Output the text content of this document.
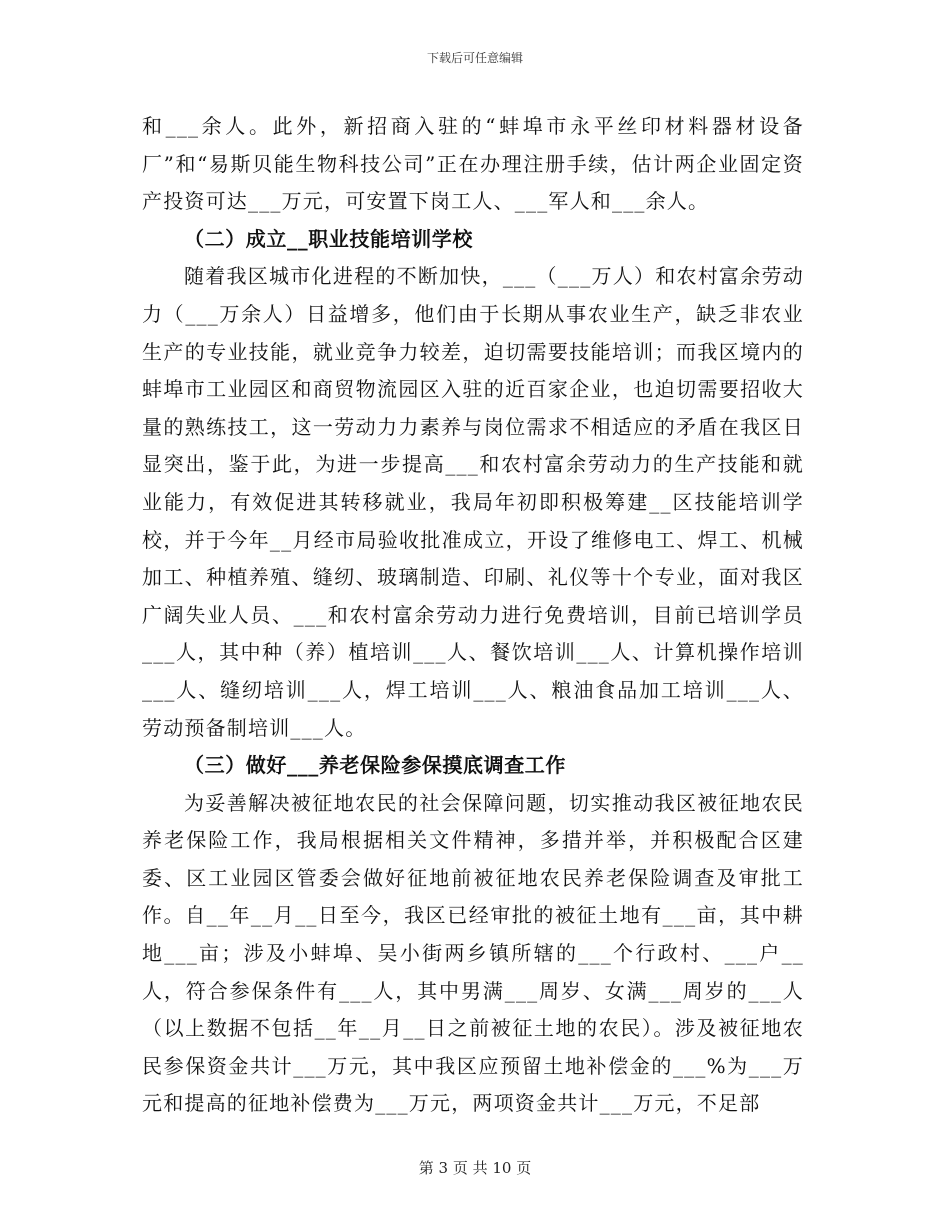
下载后可任意编辑

和___余人。此外，新招商入驻的“蚌埠市永平丝印材料器材设备厂”和“易斯贝能生物科技公司”正在办理注册手续，估计两企业固定资产投资可达___万元，可安置下岗工人、___军人和___余人。

（二）成立__职业技能培训学校

随着我区城市化进程的不断加快，___（___万人）和农村富余劳动力（___万余人）日益增多，他们由于长期从事农业生产，缺乏非农业生产的专业技能，就业竞争力较差，迫切需要技能培训；而我区境内的蚌埠市工业园区和商贸物流园区入驻的近百家企业，也迫切需要招收大量的熟练技工，这一劳动力力素养与岗位需求不相适应的矛盾在我区日显突出，鉴于此，为进一步提高___和农村富余劳动力的生产技能和就业能力，有效促进其转移就业，我局年初即积极筹建__区技能培训学校，并于今年__月经市局验收批准成立，开设了维修电工、焊工、机械加工、种植养殖、缝纫、玻璃制造、印刷、礼仪等十个专业，面对我区广阔失业人员、___和农村富余劳动力进行免费培训，目前已培训学员___人，其中种（养）植培训___人、餐饮培训___人、计算机操作培训___人、缝纫培训___人，焊工培训___人、粮油食品加工培训___人、劳动预备制培训___人。

（三）做好___养老保险参保摸底调查工作

为妥善解决被征地农民的社会保障问题，切实推动我区被征地农民养老保险工作，我局根据相关文件精神，多措并举，并积极配合区建委、区工业园区管委会做好征地前被征地农民养老保险调查及审批工作。自__年__月__日至今，我区已经审批的被征土地有___亩，其中耕地___亩；涉及小蚌埠、吴小街两乡镇所辖的___个行政村、___户__人，符合参保条件有___人，其中男满___周岁、女满___周岁的___人（以上数据不包括__年__月__日之前被征土地的农民）。涉及被征地农民参保资金共计___万元，其中我区应预留土地补偿金的___%为___万元和提高的征地补偿费为___万元，两项资金共计___万元，不足部

第 3 页 共 10 页
